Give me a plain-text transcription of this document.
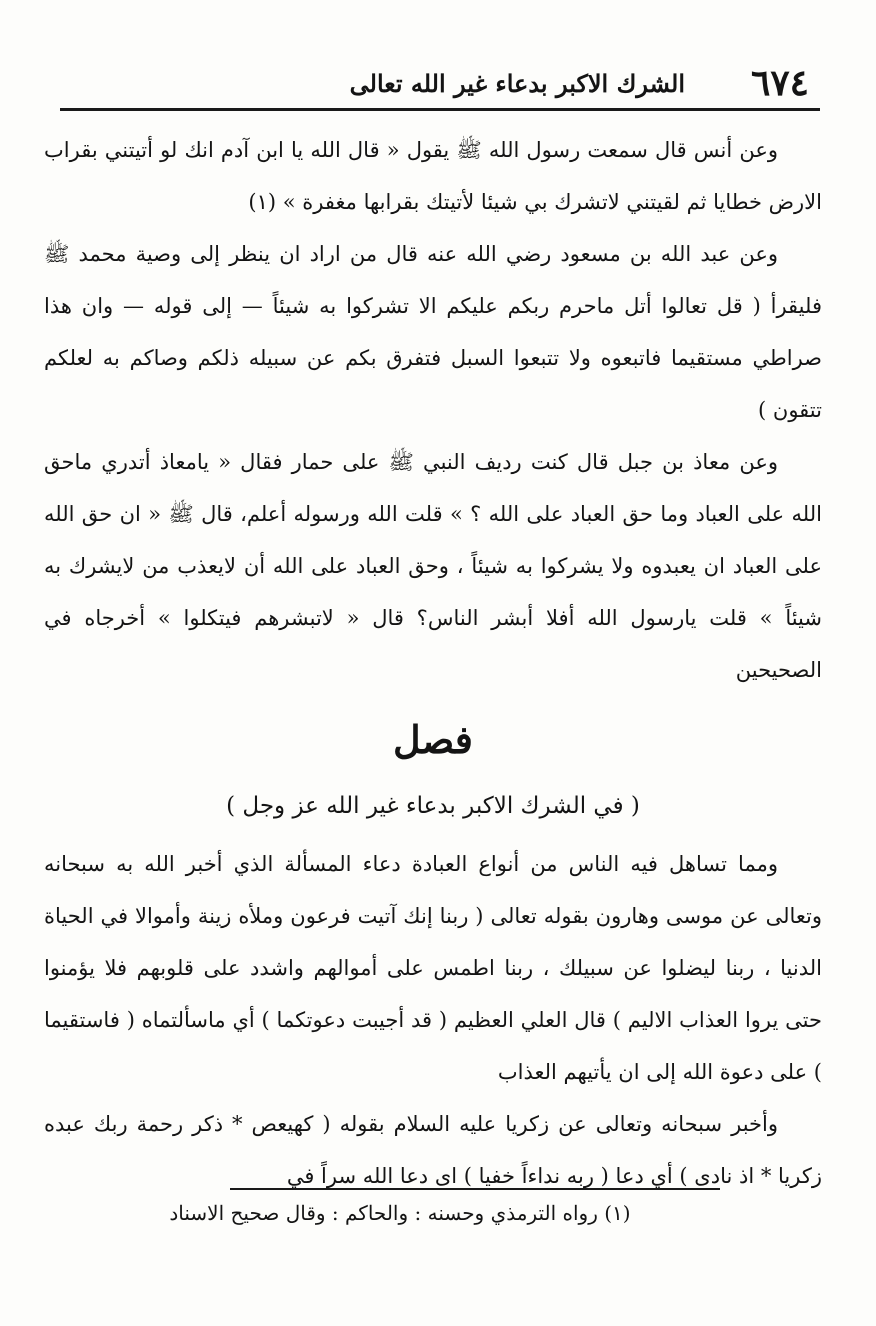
٦٧٤
الشرك الاكبر بدعاء غير الله تعالى

وعن أنس قال سمعت رسول الله ﷺ يقول « قال الله يا ابن آدم انك لو أتيتني بقراب الارض خطايا ثم لقيتني لاتشرك بي شيئا لأتيتك بقرابها مغفرة » (١)

وعن عبد الله بن مسعود رضي الله عنه قال من اراد ان ينظر إلى وصية محمد ﷺ فليقرأ ( قل تعالوا أتل ماحرم ربكم عليكم الا تشركوا به شيئاً — إلى قوله — وان هذا صراطي مستقيما فاتبعوه ولا تتبعوا السبل فتفرق بكم عن سبيله ذلكم وصاكم به لعلكم تتقون )

وعن معاذ بن جبل قال كنت رديف النبي ﷺ على حمار فقال « يامعاذ أتدري ماحق الله على العباد وما حق العباد على الله ؟ » قلت الله ورسوله أعلم، قال ﷺ « ان حق الله على العباد ان يعبدوه ولا يشركوا به شيئاً ، وحق العباد على الله أن لايعذب من لايشرك به شيئاً » قلت يارسول الله أفلا أبشر الناس؟ قال « لاتبشرهم فيتكلوا » أخرجاه في الصحيحين

فصل
( في الشرك الاكبر بدعاء غير الله عز وجل )

ومما تساهل فيه الناس من أنواع العبادة دعاء المسألة الذي أخبر الله به سبحانه وتعالى عن موسى وهارون بقوله تعالى ( ربنا إنك آتيت فرعون وملأه زينة وأموالا في الحياة الدنيا ، ربنا ليضلوا عن سبيلك ، ربنا اطمس على أموالهم واشدد على قلوبهم فلا يؤمنوا حتى يروا العذاب الاليم ) قال العلي العظيم ( قد أجيبت دعوتكما ) أي ماسألتماه ( فاستقيما ) على دعوة الله إلى ان يأتيهم العذاب

وأخبر سبحانه وتعالى عن زكريا عليه السلام بقوله ( كهيعص * ذكر رحمة ربك عبده زكريا * اذ نادى ) أي دعا ( ربه نداءاً خفيا ) اى دعا الله سراً في

(١) رواه الترمذي وحسنه : والحاكم : وقال صحيح الاسناد
